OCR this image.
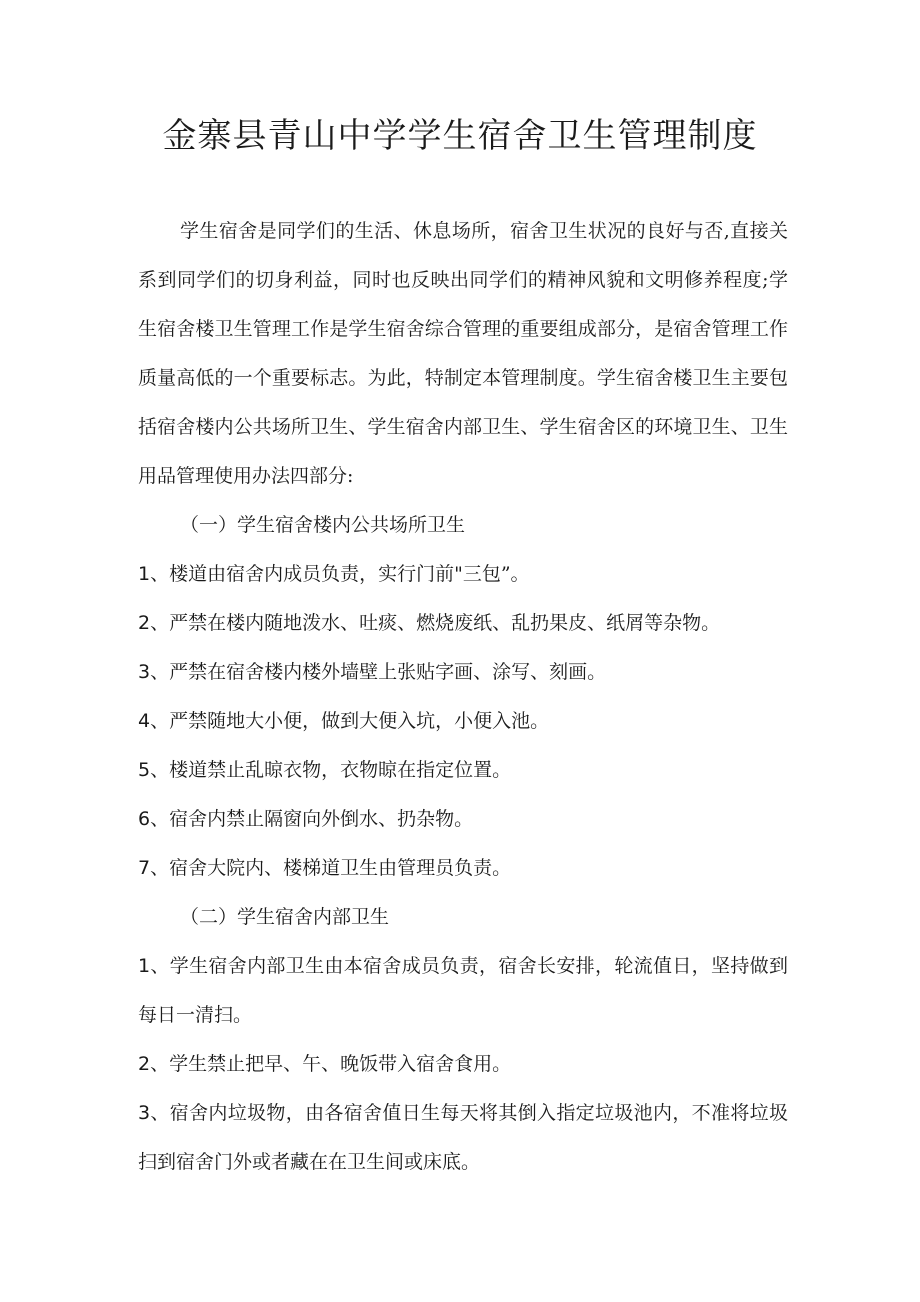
金寨县青山中学学生宿舍卫生管理制度

学生宿舍是同学们的生活、休息场所，宿舍卫生状况的良好与否,直接关系到同学们的切身利益，同时也反映出同学们的精神风貌和文明修养程度;学生宿舍楼卫生管理工作是学生宿舍综合管理的重要组成部分，是宿舍管理工作质量高低的一个重要标志。为此，特制定本管理制度。学生宿舍楼卫生主要包括宿舍楼内公共场所卫生、学生宿舍内部卫生、学生宿舍区的环境卫生、卫生用品管理使用办法四部分:

（一）学生宿舍楼内公共场所卫生

1、楼道由宿舍内成员负责，实行门前"三包”。

2、严禁在楼内随地泼水、吐痰、燃烧废纸、乱扔果皮、纸屑等杂物。

3、严禁在宿舍楼内楼外墙壁上张贴字画、涂写、刻画。

4、严禁随地大小便，做到大便入坑，小便入池。

5、楼道禁止乱晾衣物，衣物晾在指定位置。

6、宿舍内禁止隔窗向外倒水、扔杂物。

7、宿舍大院内、楼梯道卫生由管理员负责。

（二）学生宿舍内部卫生

1、学生宿舍内部卫生由本宿舍成员负责，宿舍长安排，轮流值日，坚持做到每日一清扫。

2、学生禁止把早、午、晚饭带入宿舍食用。

3、宿舍内垃圾物，由各宿舍值日生每天将其倒入指定垃圾池内，不准将垃圾扫到宿舍门外或者藏在在卫生间或床底。
